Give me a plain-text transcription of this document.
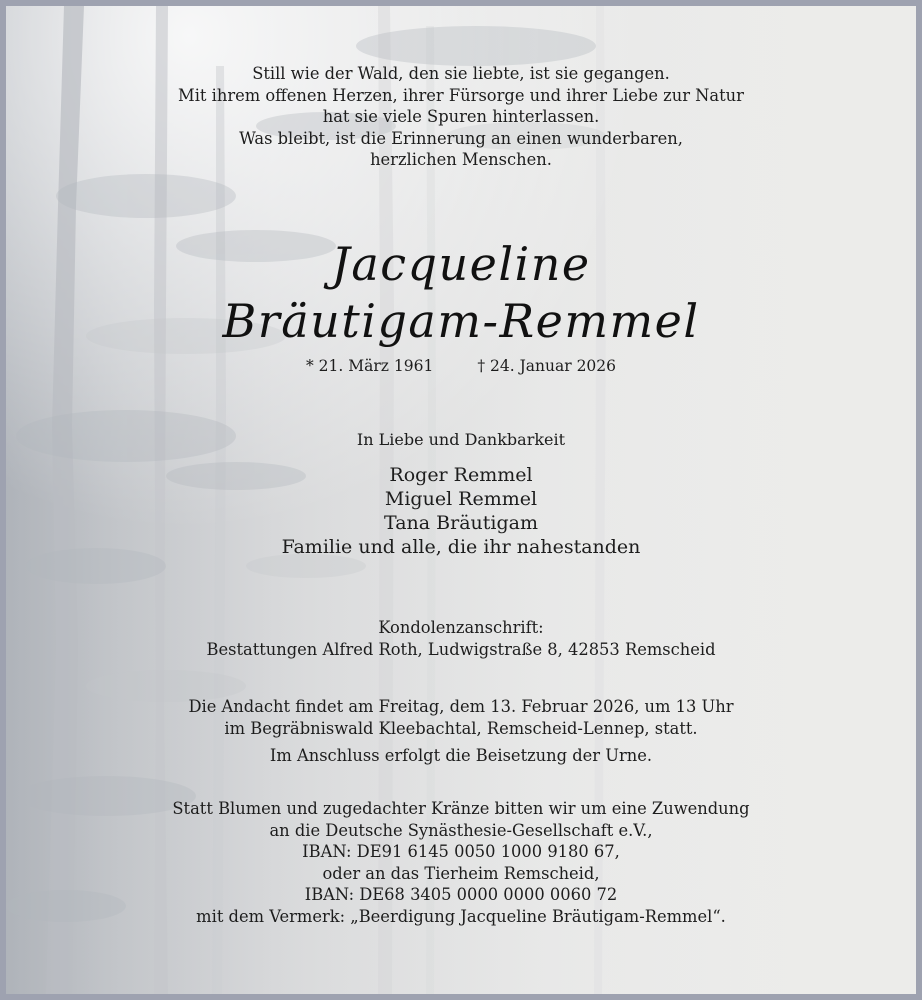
Still wie der Wald, den sie liebte, ist sie gegangen.
Mit ihrem offenen Herzen, ihrer Fürsorge und ihrer Liebe zur Natur
hat sie viele Spuren hinterlassen.
Was bleibt, ist die Erinnerung an einen wunderbaren,
herzlichen Menschen.
Jacqueline
Bräutigam-Remmel
* 21. März 1961	† 24. Januar 2026
In Liebe und Dankbarkeit
Roger Remmel
Miguel Remmel
Tana Bräutigam
Familie und alle, die ihr nahestanden
Kondolenzanschrift:
Bestattungen Alfred Roth, Ludwigstraße 8, 42853 Remscheid
Die Andacht findet am Freitag, dem 13. Februar 2026, um 13 Uhr
im Begräbniswald Kleebachtal, Remscheid-Lennep, statt.
Im Anschluss erfolgt die Beisetzung der Urne.
Statt Blumen und zugedachter Kränze bitten wir um eine Zuwendung
an die Deutsche Synästhesie-Gesellschaft e.V.,
IBAN: DE91 6145 0050 1000 9180 67,
oder an das Tierheim Remscheid,
IBAN: DE68 3405 0000 0000 0060 72
mit dem Vermerk: „Beerdigung Jacqueline Bräutigam-Remmel“.
